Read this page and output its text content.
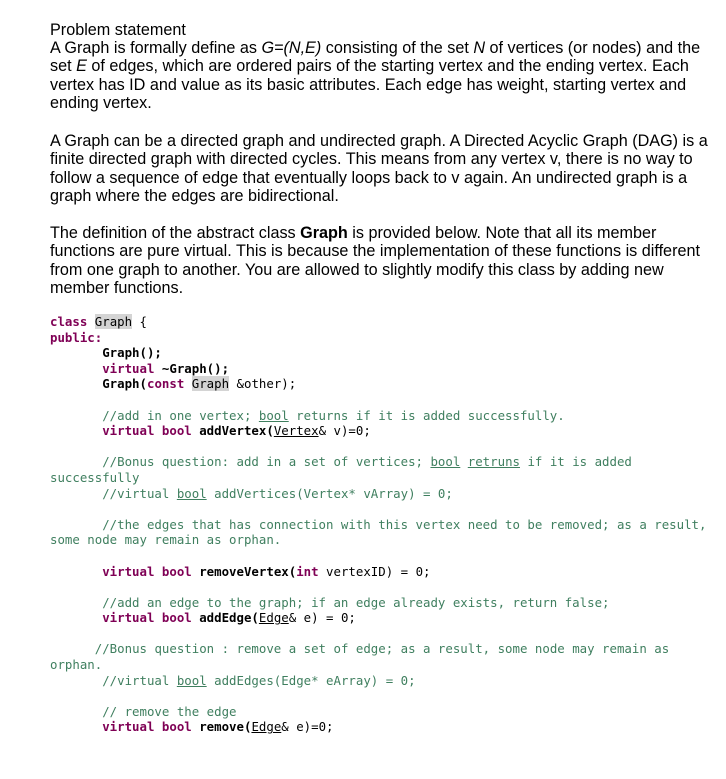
Problem statement

A Graph is formally define as G=(N,E) consisting of the set N of vertices (or nodes) and the set E of edges, which are ordered pairs of the starting vertex and the ending vertex. Each vertex has ID and value as its basic attributes. Each edge has weight, starting vertex and ending vertex.

A Graph can be a directed graph and undirected graph. A Directed Acyclic Graph (DAG) is a finite directed graph with directed cycles. This means from any vertex v, there is no way to follow a sequence of edge that eventually loops back to v again. An undirected graph is a graph where the edges are bidirectional.

The definition of the abstract class Graph is provided below. Note that all its member functions are pure virtual. This is because the implementation of these functions is different from one graph to another. You are allowed to slightly modify this class by adding new member functions.

class Graph {
public:
Graph();
virtual ~Graph();
Graph(const Graph &other);
//add in one vertex; bool returns if it is added successfully.
virtual bool addVertex(Vertex& v)=0;
//Bonus question: add in a set of vertices; bool retruns if it is added
successfully
//virtual bool addVertices(Vertex* vArray) = 0;
//the edges that has connection with this vertex need to be removed; as a result,
some node may remain as orphan.
virtual bool removeVertex(int vertexID) = 0;
//add an edge to the graph; if an edge already exists, return false;
virtual bool addEdge(Edge& e) = 0;
//Bonus question : remove a set of edge; as a result, some node may remain as
orphan.
//virtual bool addEdges(Edge* eArray) = 0;
// remove the edge
virtual bool remove(Edge& e)=0;
